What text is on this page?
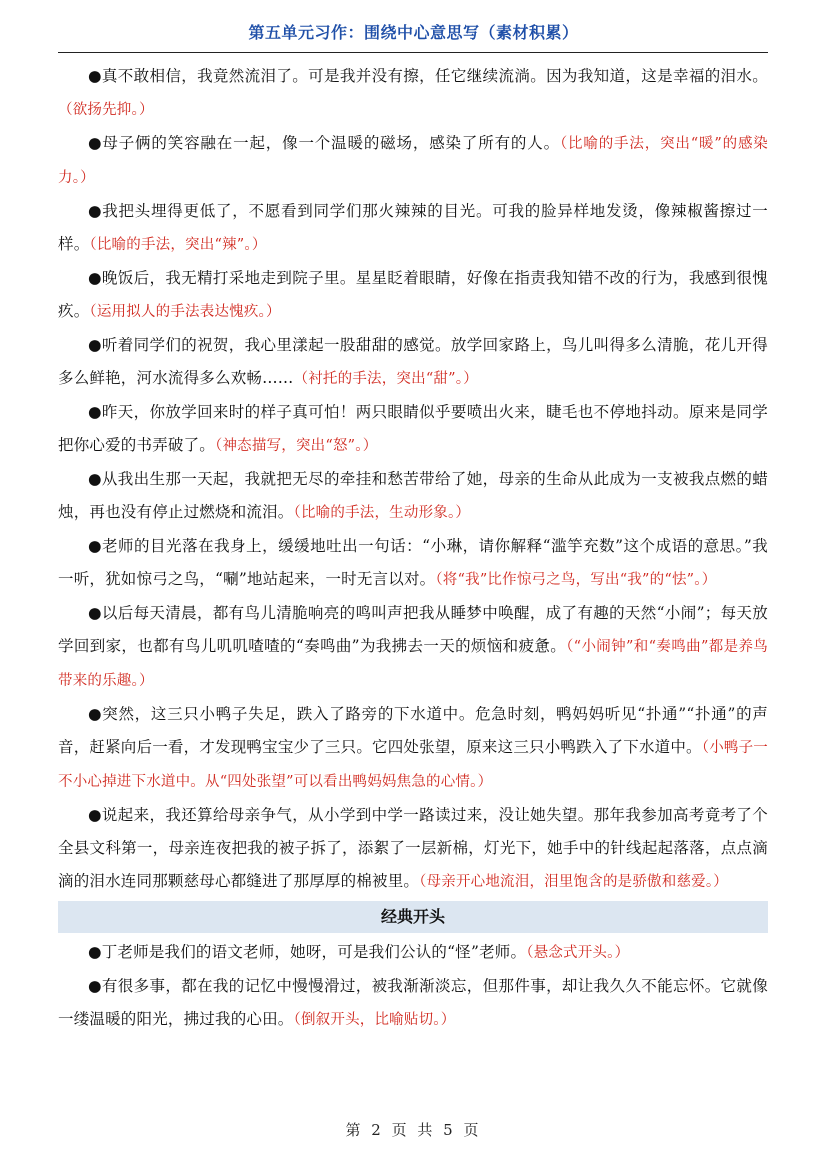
第五单元习作：围绕中心意思写（素材积累）

●真不敢相信，我竟然流泪了。可是我并没有擦，任它继续流淌。因为我知道，这是幸福的泪水。（欲扬先抑。）

●母子俩的笑容融在一起，像一个温暖的磁场，感染了所有的人。（比喻的手法，突出“暖”的感染力。）

●我把头埋得更低了，不愿看到同学们那火辣辣的目光。可我的脸异样地发烫，像辣椒酱擦过一样。（比喻的手法，突出“辣”。）

●晚饭后，我无精打采地走到院子里。星星眨着眼睛，好像在指责我知错不改的行为，我感到很愧疚。（运用拟人的手法表达愧疚。）

●听着同学们的祝贺，我心里漾起一股甜甜的感觉。放学回家路上，鸟儿叫得多么清脆，花儿开得多么鲜艳，河水流得多么欢畅……（衬托的手法，突出“甜”。）

●昨天，你放学回来时的样子真可怕！两只眼睛似乎要喷出火来，睫毛也不停地抖动。原来是同学把你心爱的书弄破了。（神态描写，突出“怒”。）

●从我出生那一天起，我就把无尽的牵挂和愁苦带给了她，母亲的生命从此成为一支被我点燃的蜡烛，再也没有停止过燃烧和流泪。（比喻的手法，生动形象。）

●老师的目光落在我身上，缓缓地吐出一句话：“小琳，请你解释“滥竽充数”这个成语的意思。”我一听，犹如惊弓之鸟，“唰”地站起来，一时无言以对。（将“我”比作惊弓之鸟，写出“我”的“怯”。）

●以后每天清晨，都有鸟儿清脆响亮的鸣叫声把我从睡梦中唤醒，成了有趣的天然“小闹”；每天放学回到家，也都有鸟儿叽叽喳喳的“奏鸣曲”为我拂去一天的烦恼和疲惫。（“小闹钟”和“奏鸣曲”都是养鸟带来的乐趣。）

●突然，这三只小鸭子失足，跌入了路旁的下水道中。危急时刻，鸭妈妈听见“扑通”“扑通”的声音，赶紧向后一看，才发现鸭宝宝少了三只。它四处张望，原来这三只小鸭跌入了下水道中。（小鸭子一不小心掉进下水道中。从“四处张望”可以看出鸭妈妈焦急的心情。）

●说起来，我还算给母亲争气，从小学到中学一路读过来，没让她失望。那年我参加高考竟考了个全县文科第一，母亲连夜把我的被子拆了，添絮了一层新棉，灯光下，她手中的针线起起落落，点点滴滴的泪水连同那颗慈母心都缝进了那厚厚的棉被里。（母亲开心地流泪，泪里饱含的是骄傲和慈爱。）

经典开头

●丁老师是我们的语文老师，她呀，可是我们公认的“怪”老师。（悬念式开头。）

●有很多事，都在我的记忆中慢慢滑过，被我渐渐淡忘，但那件事，却让我久久不能忘怀。它就像一缕温暖的阳光，拂过我的心田。（倒叙开头，比喻贴切。）

第 2 页 共 5 页
